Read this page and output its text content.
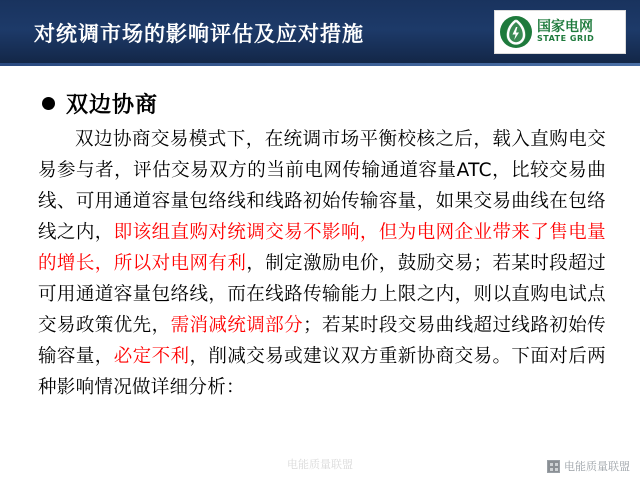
对统调市场的影响评估及应对措施	国家电网
STATE GRID
双边协商
双边协商交易模式下，在统调市场平衡校核之后，载入直购电交易参与者，评估交易双方的当前电网传输通道容量ATC，比较交易曲线、可用通道容量包络线和线路初始传输容量，如果交易曲线在包络线之内，即该组直购对统调交易不影响，但为电网企业带来了售电量的增长，所以对电网有利，制定激励电价，鼓励交易；若某时段超过可用通道容量包络线，而在线路传输能力上限之内，则以直购电试点交易政策优先，需消减统调部分；若某时段交易曲线超过线路初始传输容量，必定不利，削减交易或建议双方重新协商交易。下面对后两种影响情况做详细分析：
电能质量联盟	电能质量联盟
